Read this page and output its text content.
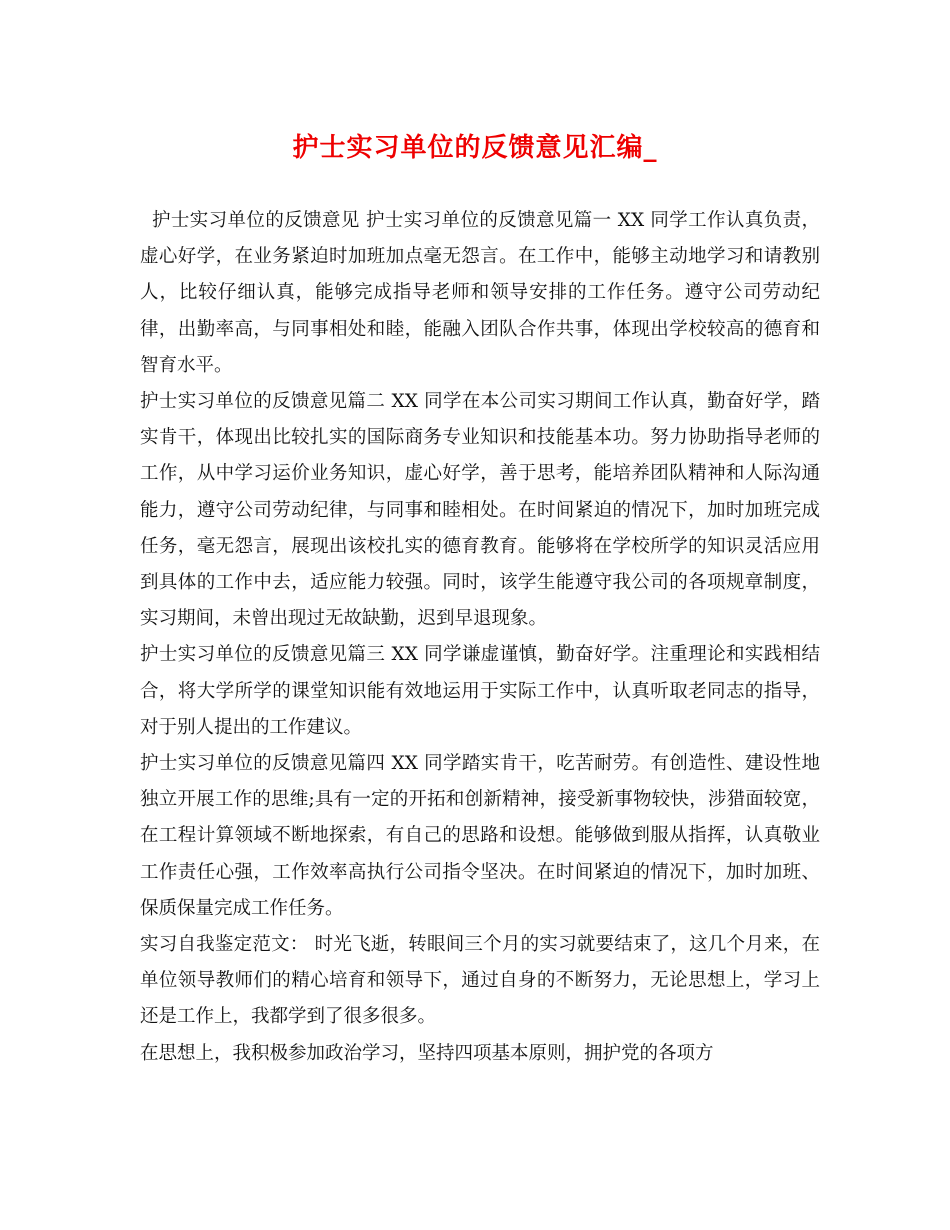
护士实习单位的反馈意见汇编_

护士实习单位的反馈意见 护士实习单位的反馈意见篇一 XX 同学工作认真负责，虚心好学，在业务紧迫时加班加点毫无怨言。在工作中，能够主动地学习和请教别人，比较仔细认真，能够完成指导老师和领导安排的工作任务。遵守公司劳动纪律，出勤率高，与同事相处和睦，能融入团队合作共事，体现出学校较高的德育和智育水平。

护士实习单位的反馈意见篇二 XX 同学在本公司实习期间工作认真，勤奋好学，踏实肯干，体现出比较扎实的国际商务专业知识和技能基本功。努力协助指导老师的工作，从中学习运价业务知识，虚心好学，善于思考，能培养团队精神和人际沟通能力，遵守公司劳动纪律，与同事和睦相处。在时间紧迫的情况下，加时加班完成任务，毫无怨言，展现出该校扎实的德育教育。能够将在学校所学的知识灵活应用到具体的工作中去，适应能力较强。同时，该学生能遵守我公司的各项规章制度，实习期间，未曾出现过无故缺勤，迟到早退现象。

护士实习单位的反馈意见篇三 XX 同学谦虚谨慎，勤奋好学。注重理论和实践相结合，将大学所学的课堂知识能有效地运用于实际工作中，认真听取老同志的指导，对于别人提出的工作建议。

护士实习单位的反馈意见篇四 XX 同学踏实肯干，吃苦耐劳。有创造性、建设性地独立开展工作的思维;具有一定的开拓和创新精神，接受新事物较快，涉猎面较宽，在工程计算领域不断地探索，有自己的思路和设想。能够做到服从指挥，认真敬业工作责任心强，工作效率高执行公司指令坚决。在时间紧迫的情况下，加时加班、保质保量完成工作任务。

实习自我鉴定范文： 时光飞逝，转眼间三个月的实习就要结束了，这几个月来，在单位领导教师们的精心培育和领导下，通过自身的不断努力，无论思想上，学习上还是工作上，我都学到了很多很多。

在思想上，我积极参加政治学习，坚持四项基本原则，拥护党的各项方
